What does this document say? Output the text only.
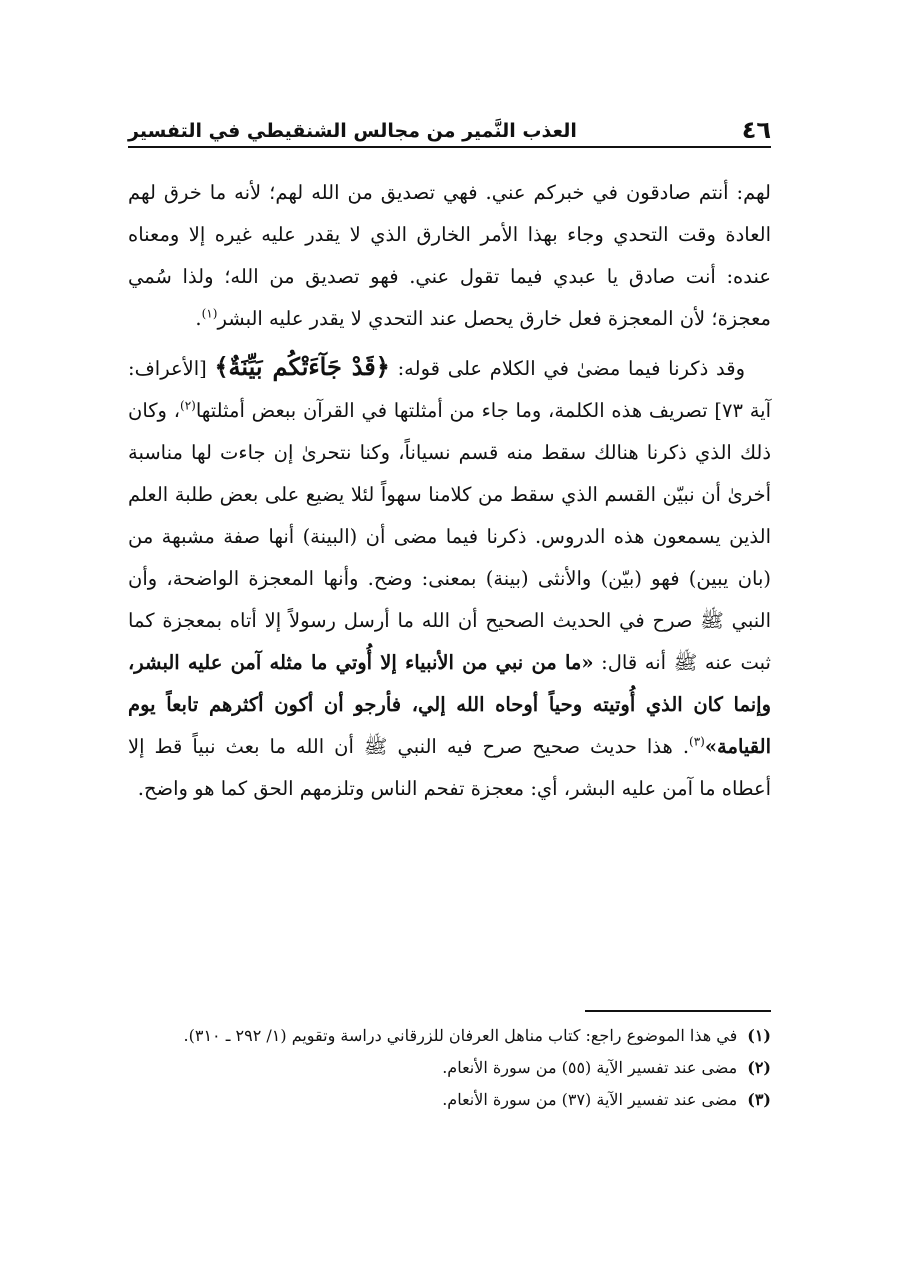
٤٦
العذب النَّمير من مجالس الشنقيطي في التفسير

لهم: أنتم صادقون في خبركم عني. فهي تصديق من الله لهم؛ لأنه ما خرق لهم العادة وقت التحدي وجاء بهذا الأمر الخارق الذي لا يقدر عليه غيره إلا ومعناه عنده: أنت صادق يا عبدي فيما تقول عني. فهو تصديق من الله؛ ولذا سُمي معجزة؛ لأن المعجزة فعل خارق يحصل عند التحدي لا يقدر عليه البشر$^{(١)}$.

وقد ذكرنا فيما مضىٰ في الكلام على قوله: ﴿قَدْ جَآءَتْكُم بَيِّنَةٌ﴾ [الأعراف: آية ٧٣] تصريف هذه الكلمة، وما جاء من أمثلتها في القرآن ببعض أمثلتها$^{(٢)}$، وكان ذلك الذي ذكرنا هنالك سقط منه قسم نسياناً، وكنا نتحرىٰ إن جاءت لها مناسبة أخرىٰ أن نبيّن القسم الذي سقط من كلامنا سهواً لئلا يضيع على بعض طلبة العلم الذين يسمعون هذه الدروس. ذكرنا فيما مضى أن (البينة) أنها صفة مشبهة من (بان يبين) فهو (بيّن) والأنثى (بينة) بمعنى: وضح. وأنها المعجزة الواضحة، وأن النبي ﷺ صرح في الحديث الصحيح أن الله ما أرسل رسولاً إلا أتاه بمعجزة كما ثبت عنه ﷺ أنه قال: «ما من نبي من الأنبياء إلا أُوتي ما مثله آمن عليه البشر، وإنما كان الذي أُوتيته وحياً أوحاه الله إلي، فأرجو أن أكون أكثرهم تابعاً يوم القيامة»$^{(٣)}$. هذا حديث صحيح صرح فيه النبي ﷺ أن الله ما بعث نبياً قط إلا أعطاه ما آمن عليه البشر، أي: معجزة تفحم الناس وتلزمهم الحق كما هو واضح.

(١)
في هذا الموضوع راجع: كتاب مناهل العرفان للزرقاني دراسة وتقويم (١/ ٢٩٢ ـ ٣١٠).
(٢)
مضى عند تفسير الآية (٥٥) من سورة الأنعام.
(٣)
مضى عند تفسير الآية (٣٧) من سورة الأنعام.
